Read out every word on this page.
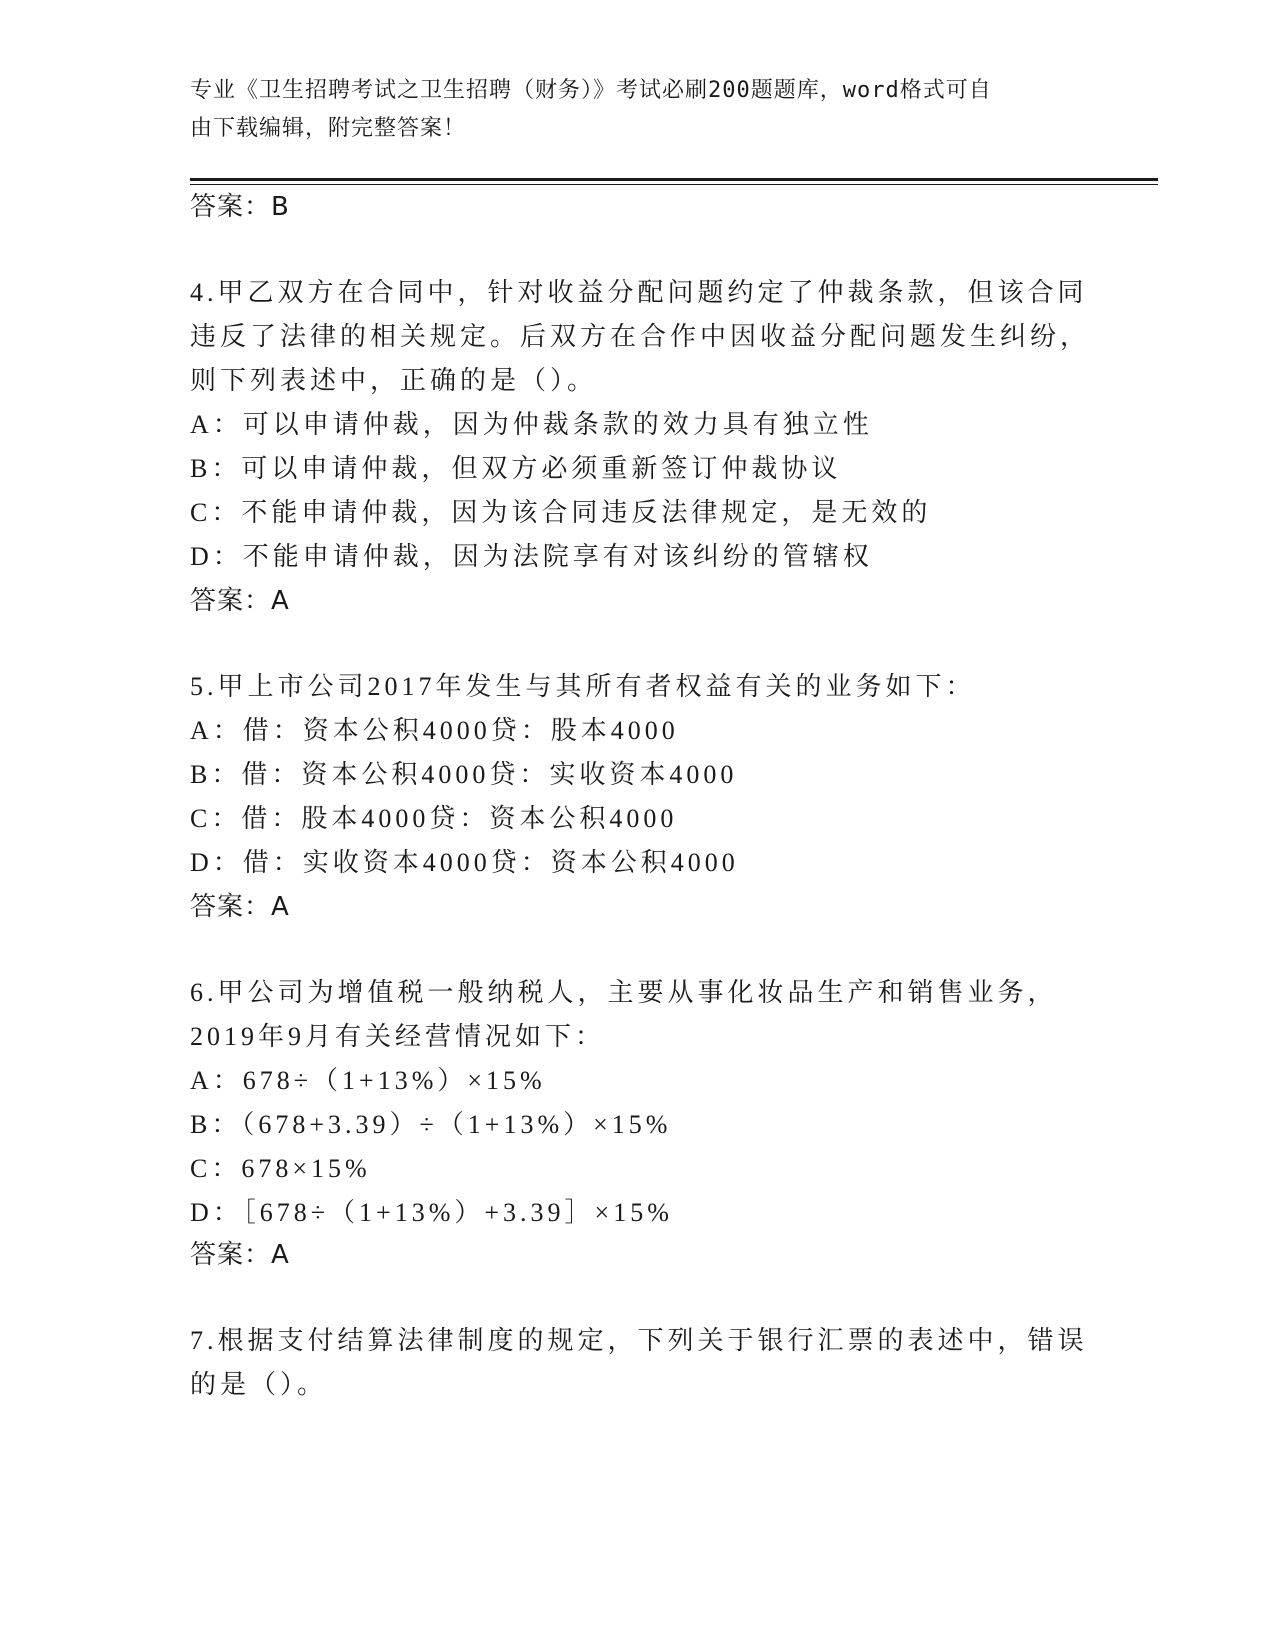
专业《卫生招聘考试之卫生招聘（财务）》考试必刷200题题库，word格式可自
由下载编辑，附完整答案！
答案：B
4.甲乙双方在合同中，针对收益分配问题约定了仲裁条款，但该合同
违反了法律的相关规定。后双方在合作中因收益分配问题发生纠纷，
则下列表述中，正确的是（）。
A：可以申请仲裁，因为仲裁条款的效力具有独立性
B：可以申请仲裁，但双方必须重新签订仲裁协议
C：不能申请仲裁，因为该合同违反法律规定，是无效的
D：不能申请仲裁，因为法院享有对该纠纷的管辖权
答案：A
5.甲上市公司2017年发生与其所有者权益有关的业务如下：
A：借：资本公积4000贷：股本4000
B：借：资本公积4000贷：实收资本4000
C：借：股本4000贷：资本公积4000
D：借：实收资本4000贷：资本公积4000
答案：A
6.甲公司为增值税一般纳税人，主要从事化妆品生产和销售业务，
2019年9月有关经营情况如下：
A：678÷（1+13%）×15%
B：（678+3.39）÷（1+13%）×15%
C：678×15%
D：［678÷（1+13%）+3.39］×15%
答案：A
7.根据支付结算法律制度的规定，下列关于银行汇票的表述中，错误
的是（）。
